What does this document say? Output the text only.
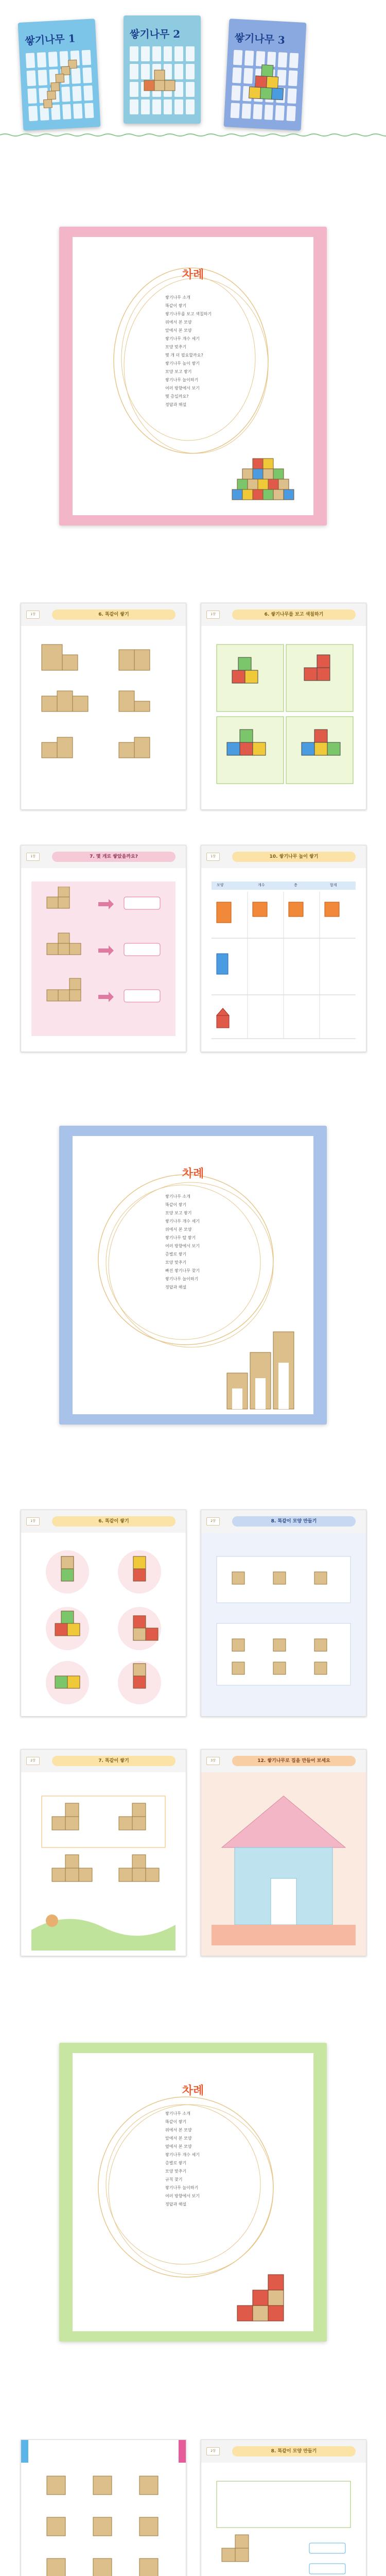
쌓기나무 1	쌓기나무 2	쌓기나무 3
차례
쌓기나무 소개
똑같이 쌓기
쌓기나무를 보고 색칠하기
위에서 본 모양
앞에서 본 모양
쌓기나무 개수 세기
모양 맞추기
몇 개 더 필요할까요?
쌓기나무 높이 쌓기
모양 보고 쌓기
쌓기나무 놀이하기
여러 방향에서 보기
몇 층일까요?
정답과 해설
1장	6. 똑같이 쌓기	1장	6. 쌓기나무를 보고 색칠하기
1장	7. 몇 개로 쌓았을까요?	1장	10. 쌓기나무 높이 쌓기
모양	개수	층	합계
차례
쌓기나무 소개
똑같이 쌓기
모양 보고 쌓기
쌓기나무 개수 세기
위에서 본 모양
쌓기나무 탑 쌓기
여러 방향에서 보기
층별로 쌓기
모양 맞추기
빠진 쌓기나무 찾기
쌓기나무 놀이하기
정답과 해설
1장	6. 똑같이 쌓기	2장	8. 똑같이 모양 만들기
2장	7. 똑같이 쌓기	3장	12. 쌓기나무로 집을 만들어 보세요
차례
쌓기나무 소개
똑같이 쌓기
위에서 본 모양
앞에서 본 모양
옆에서 본 모양
쌓기나무 개수 세기
층별로 쌓기
모양 맞추기
규칙 찾기
쌓기나무 놀이하기
여러 방향에서 보기
정답과 해설
2장	8. 똑같이 모양 만들기
